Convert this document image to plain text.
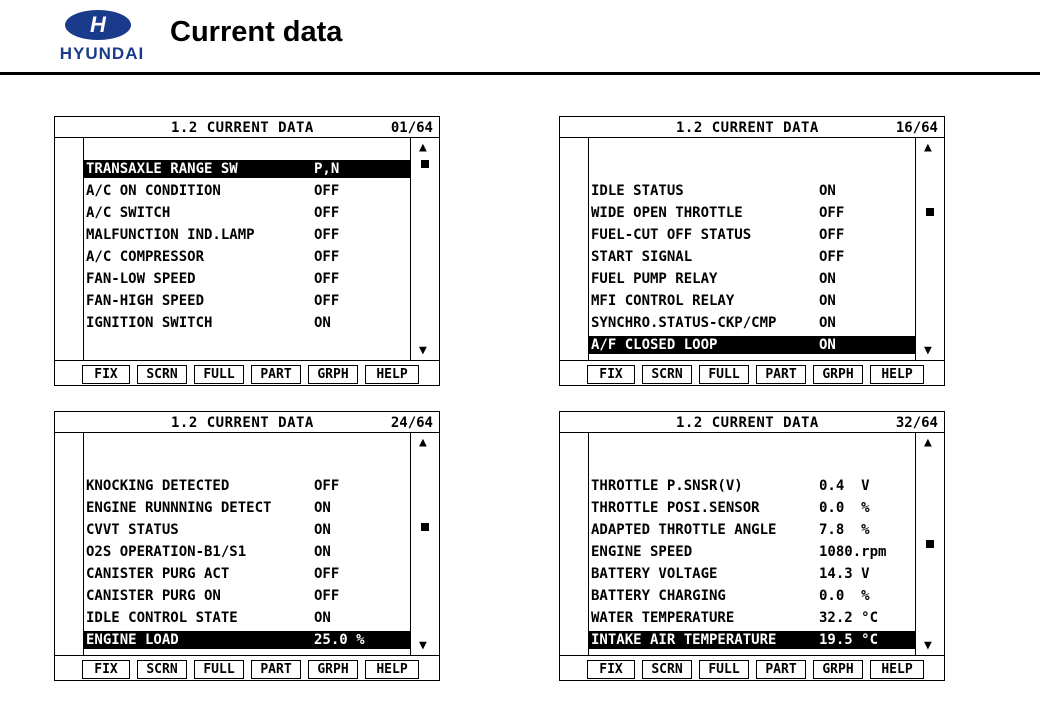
H
HYUNDAI
Current data
1.2 CURRENT DATA	01/64
TRANSAXLE RANGE SW	P,N
A/C ON CONDITION	OFF
A/C SWITCH	OFF
MALFUNCTION IND.LAMP	OFF
A/C COMPRESSOR	OFF
FAN-LOW SPEED	OFF
FAN-HIGH SPEED	OFF
IGNITION SWITCH	ON
▲
▼
FIX	SCRN	FULL	PART	GRPH	HELP
1.2 CURRENT DATA	16/64
IDLE STATUS	ON
WIDE OPEN THROTTLE	OFF
FUEL-CUT OFF STATUS	OFF
START SIGNAL	OFF
FUEL PUMP RELAY	ON
MFI CONTROL RELAY	ON
SYNCHRO.STATUS-CKP/CMP	ON
A/F CLOSED LOOP	ON
▲
▼
FIX	SCRN	FULL	PART	GRPH	HELP
1.2 CURRENT DATA	24/64
KNOCKING DETECTED	OFF
ENGINE RUNNNING DETECT	ON
CVVT STATUS	ON
O2S OPERATION-B1/S1	ON
CANISTER PURG ACT	OFF
CANISTER PURG ON	OFF
IDLE CONTROL STATE	ON
ENGINE LOAD	25.0 %
▲
▼
FIX	SCRN	FULL	PART	GRPH	HELP
1.2 CURRENT DATA	32/64
THROTTLE P.SNSR(V)	0.4  V
THROTTLE POSI.SENSOR	0.0  %
ADAPTED THROTTLE ANGLE	7.8  %
ENGINE SPEED	1080.rpm
BATTERY VOLTAGE	14.3 V
BATTERY CHARGING	0.0  %
WATER TEMPERATURE	32.2 °C
INTAKE AIR TEMPERATURE	19.5 °C
▲
▼
FIX	SCRN	FULL	PART	GRPH	HELP
